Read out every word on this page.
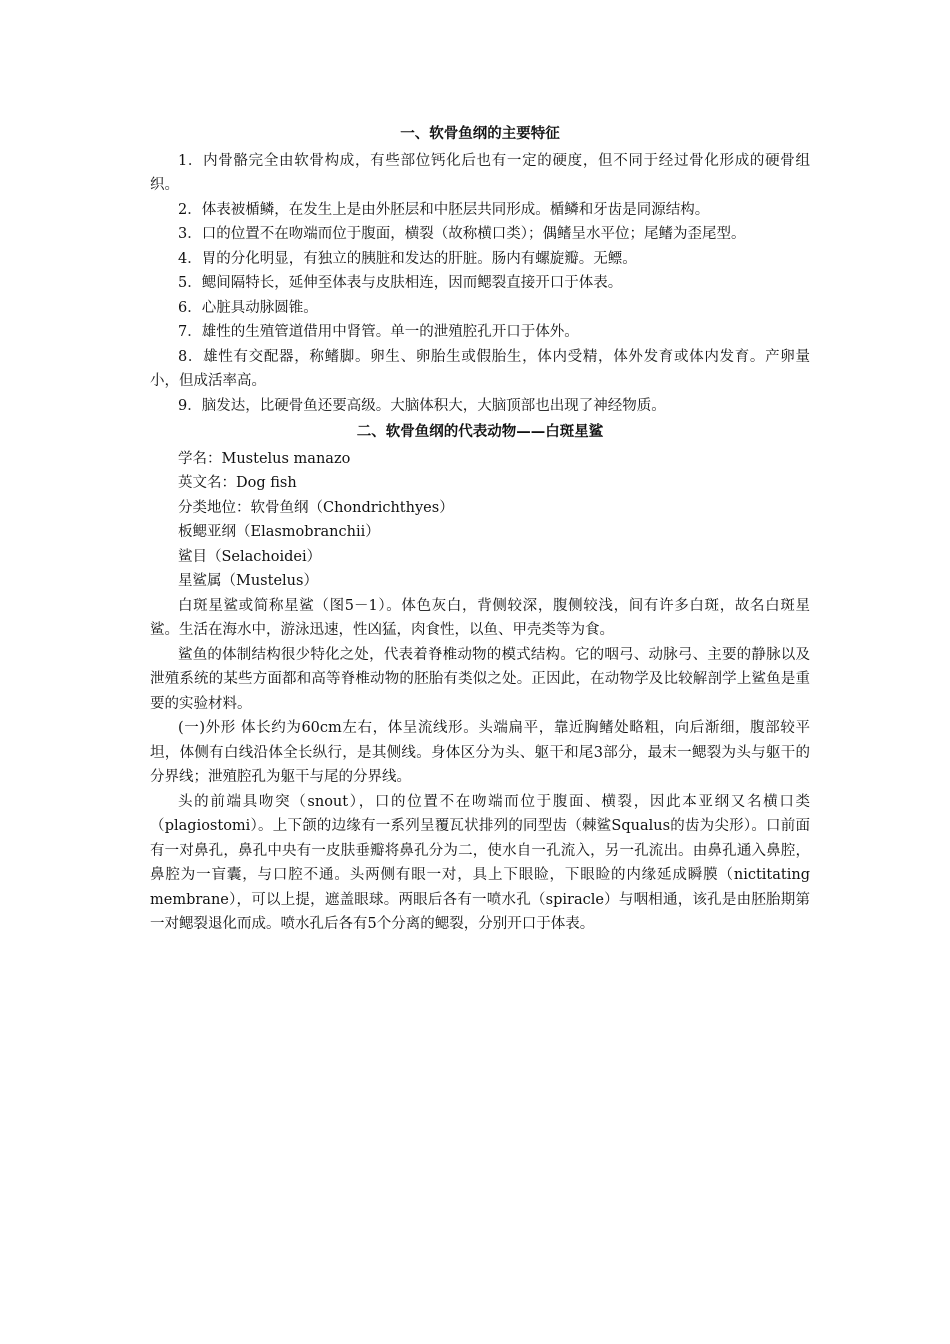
一、软骨鱼纲的主要特征

1．内骨骼完全由软骨构成，有些部位钙化后也有一定的硬度，但不同于经过骨化形成的硬骨组织。

2．体表被楯鳞，在发生上是由外胚层和中胚层共同形成。楯鳞和牙齿是同源结构。

3．口的位置不在吻端而位于腹面，横裂（故称横口类）；偶鳍呈水平位；尾鳍为歪尾型。

4．胃的分化明显，有独立的胰脏和发达的肝脏。肠内有螺旋瓣。无鳔。

5．鳃间隔特长，延伸至体表与皮肤相连，因而鳃裂直接开口于体表。

6．心脏具动脉圆锥。

7．雄性的生殖管道借用中肾管。单一的泄殖腔孔开口于体外。

8．雄性有交配器，称鳍脚。卵生、卵胎生或假胎生，体内受精，体外发育或体内发育。产卵量小，但成活率高。

9．脑发达，比硬骨鱼还要高级。大脑体积大，大脑顶部也出现了神经物质。

二、软骨鱼纲的代表动物——白斑星鲨

学名：Mustelus manazo

英文名：Dog fish

分类地位：软骨鱼纲（Chondrichthyes）

板鳃亚纲（Elasmobranchii）

鲨目（Selachoidei）

星鲨属（Mustelus）

白斑星鲨或简称星鲨（图5－1）。体色灰白，背侧较深，腹侧较浅，间有许多白斑，故名白斑星鲨。生活在海水中，游泳迅速，性凶猛，肉食性，以鱼、甲壳类等为食。

鲨鱼的体制结构很少特化之处，代表着脊椎动物的模式结构。它的咽弓、动脉弓、主要的静脉以及泄殖系统的某些方面都和高等脊椎动物的胚胎有类似之处。正因此，在动物学及比较解剖学上鲨鱼是重要的实验材料。

(一)外形 体长约为60cm左右，体呈流线形。头端扁平，靠近胸鳍处略粗，向后渐细，腹部较平坦，体侧有白线沿体全长纵行，是其侧线。身体区分为头、躯干和尾3部分，最末一鳃裂为头与躯干的分界线；泄殖腔孔为躯干与尾的分界线。

头的前端具吻突（snout），口的位置不在吻端而位于腹面、横裂，因此本亚纲又名横口类（plagiostomi）。上下颌的边缘有一系列呈覆瓦状排列的同型齿（棘鲨Squalus的齿为尖形）。口前面有一对鼻孔，鼻孔中央有一皮肤垂瓣将鼻孔分为二，使水自一孔流入，另一孔流出。由鼻孔通入鼻腔，鼻腔为一盲囊，与口腔不通。头两侧有眼一对，具上下眼睑，下眼睑的内缘延成瞬膜（nictitating membrane），可以上提，遮盖眼球。两眼后各有一喷水孔（spiracle）与咽相通，该孔是由胚胎期第一对鳃裂退化而成。喷水孔后各有5个分离的鳃裂，分别开口于体表。
